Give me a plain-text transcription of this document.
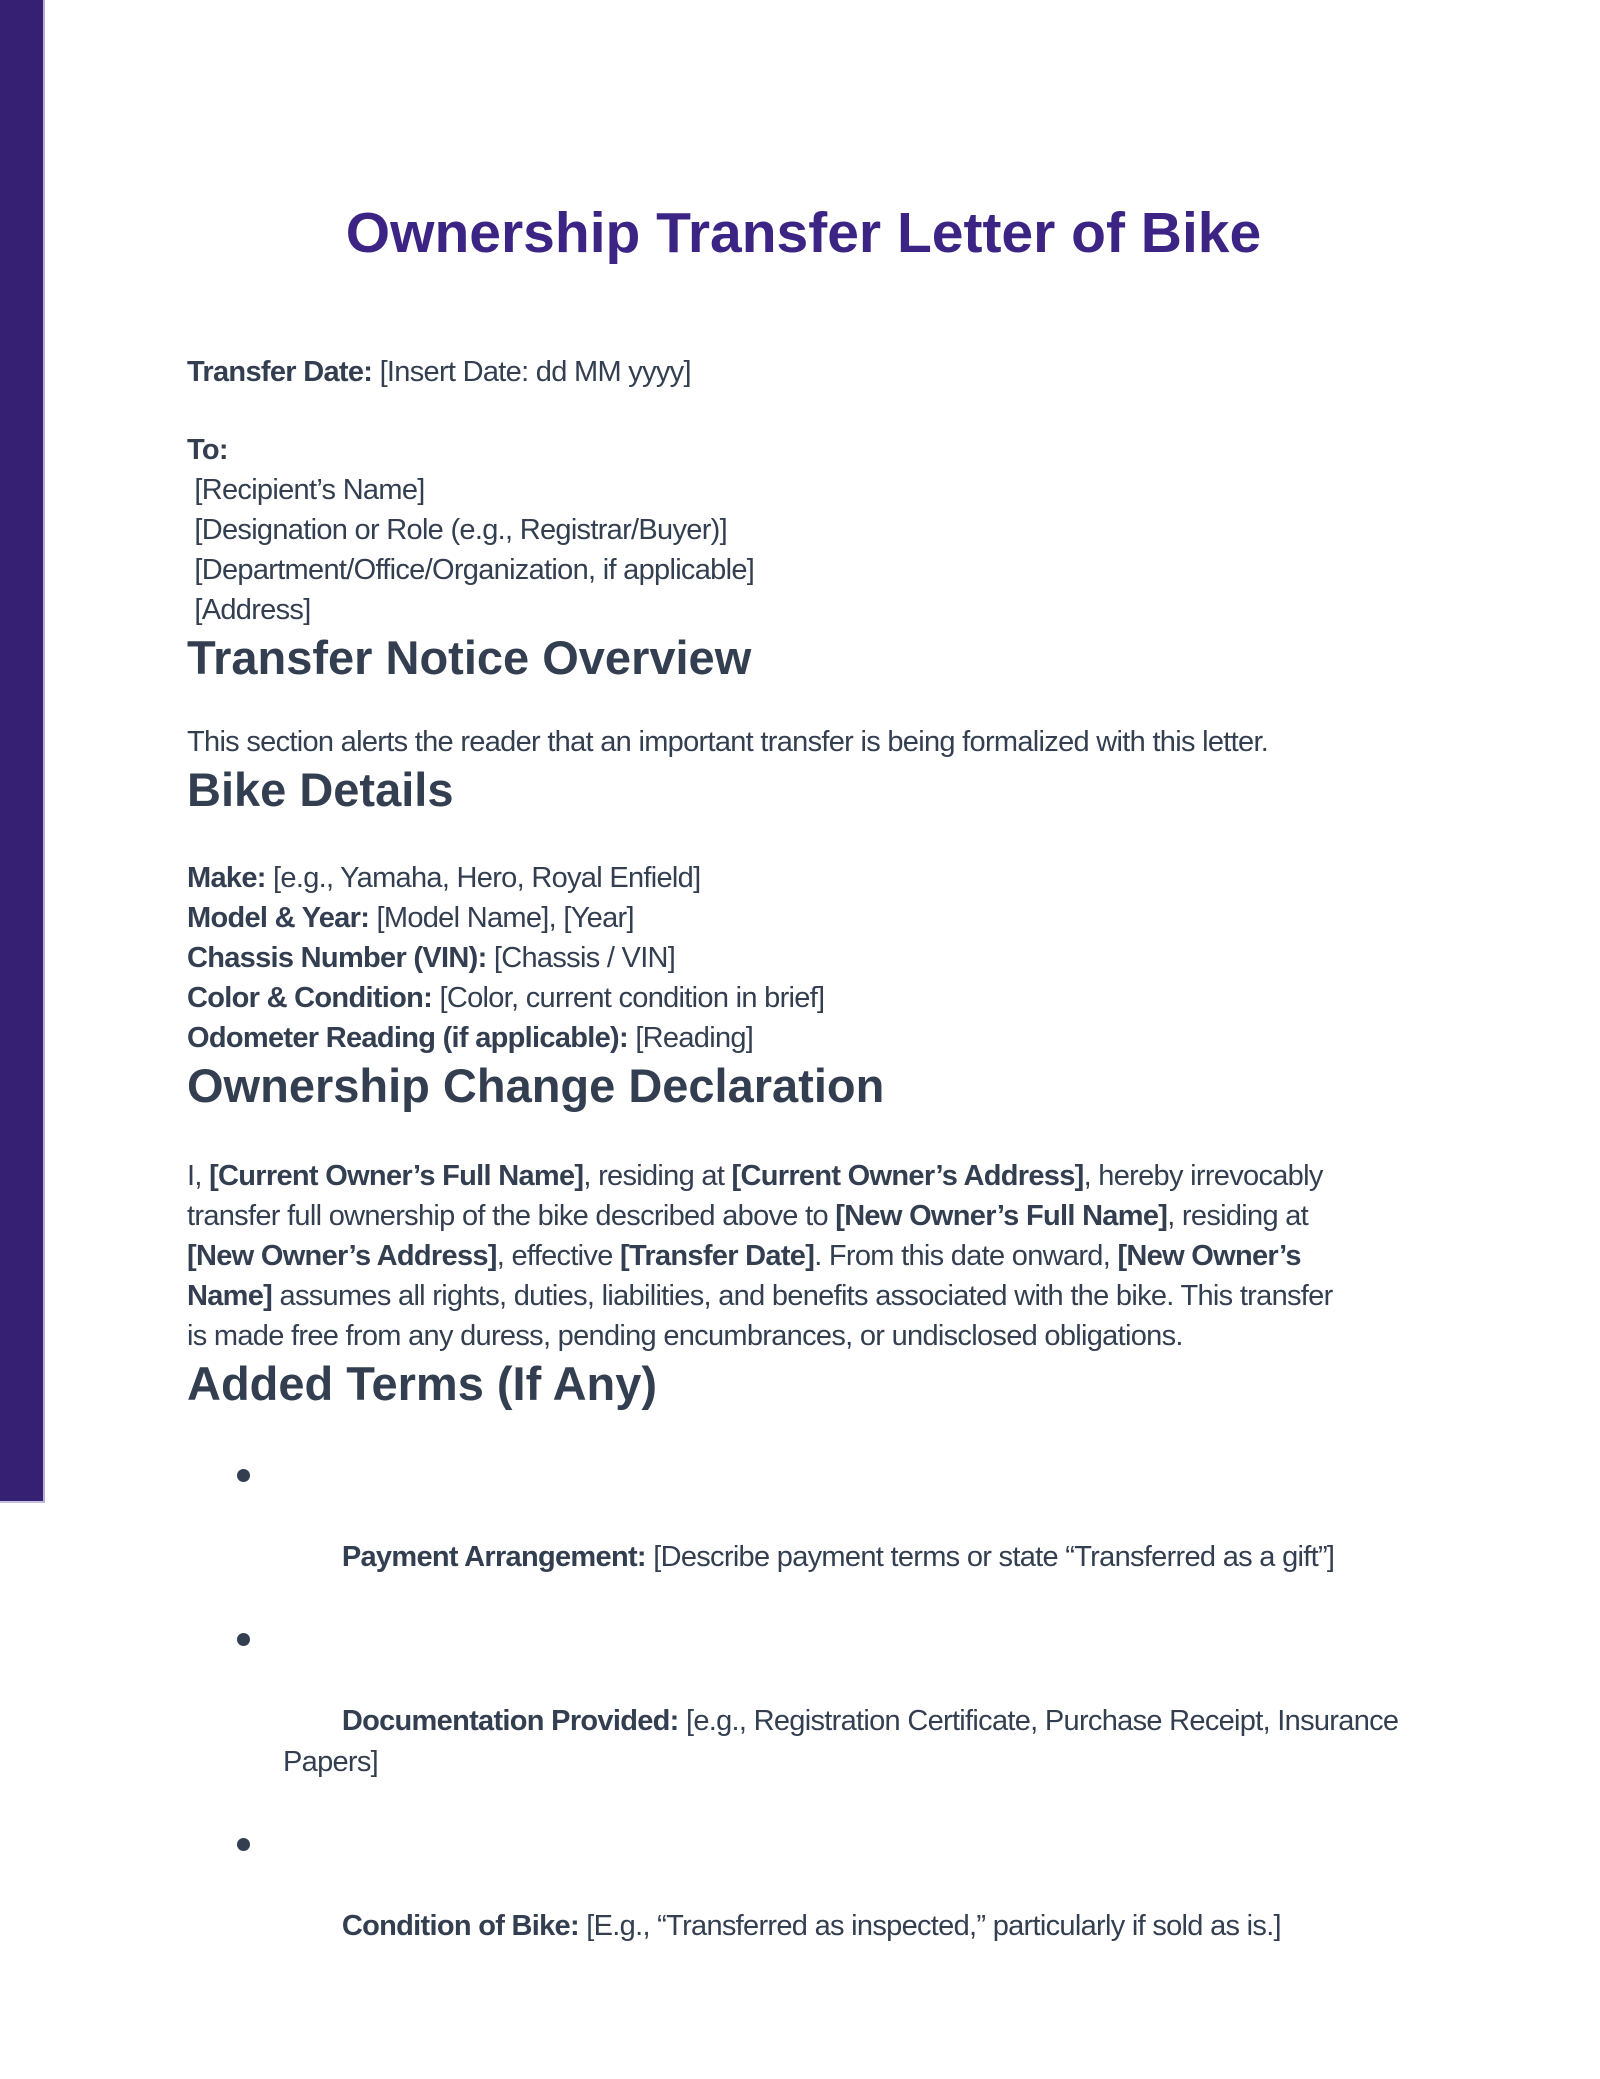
Ownership Transfer Letter of Bike

Transfer Date: [Insert Date: dd MM yyyy]

To:
[Recipient’s Name]
[Designation or Role (e.g., Registrar/Buyer)]
[Department/Office/Organization, if applicable]
[Address]

Transfer Notice Overview

This section alerts the reader that an important transfer is being formalized with this letter.

Bike Details

Make: [e.g., Yamaha, Hero, Royal Enfield]
Model & Year: [Model Name], [Year]
Chassis Number (VIN): [Chassis / VIN]
Color & Condition: [Color, current condition in brief]
Odometer Reading (if applicable): [Reading]

Ownership Change Declaration

I, [Current Owner’s Full Name], residing at [Current Owner’s Address], hereby irrevocably
transfer full ownership of the bike described above to [New Owner’s Full Name], residing at
[New Owner’s Address], effective [Transfer Date]. From this date onward, [New Owner’s
Name] assumes all rights, duties, liabilities, and benefits associated with the bike. This transfer
is made free from any duress, pending encumbrances, or undisclosed obligations.

Added Terms (If Any)

Payment Arrangement: [Describe payment terms or state “Transferred as a gift”]

Documentation Provided: [e.g., Registration Certificate, Purchase Receipt, Insurance
Papers]

Condition of Bike: [E.g., “Transferred as inspected,” particularly if sold as is.]
